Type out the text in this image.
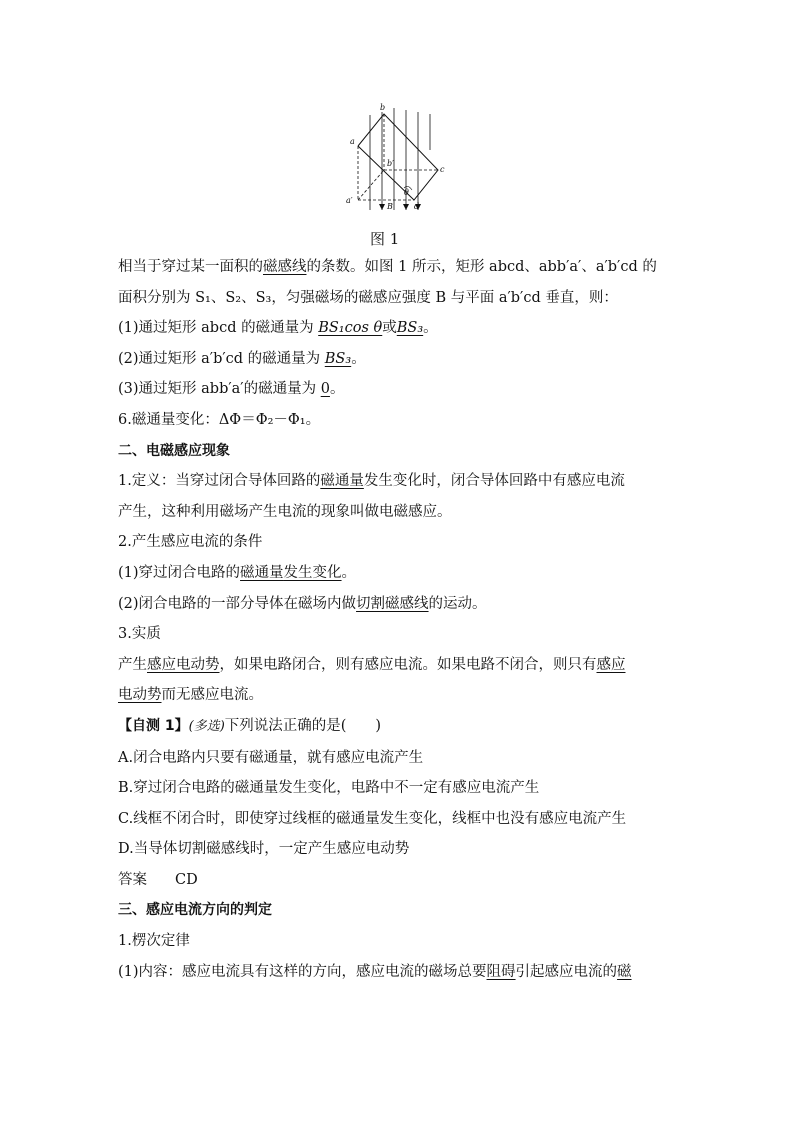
b
a
c
d
b′
a′
B
θ
图 1
相当于穿过某一面积的磁感线的条数。如图 1 所示，矩形 abcd、abb′a′、a′b′cd 的
面积分别为 S₁、S₂、S₃，匀强磁场的磁感应强度 B 与平面 a′b′cd 垂直，则：
(1)通过矩形 abcd 的磁通量为 BS₁cos θ或BS₃。
(2)通过矩形 a′b′cd 的磁通量为 BS₃。
(3)通过矩形 abb′a′的磁通量为 0。
6.磁通量变化：ΔΦ＝Φ₂－Φ₁。
二、电磁感应现象
1.定义：当穿过闭合导体回路的磁通量发生变化时，闭合导体回路中有感应电流
产生，这种利用磁场产生电流的现象叫做电磁感应。
2.产生感应电流的条件
(1)穿过闭合电路的磁通量发生变化。
(2)闭合电路的一部分导体在磁场内做切割磁感线的运动。
3.实质
产生感应电动势，如果电路闭合，则有感应电流。如果电路不闭合，则只有感应
电动势而无感应电流。
【自测 1】(多选)下列说法正确的是(　　)
A.闭合电路内只要有磁通量，就有感应电流产生
B.穿过闭合电路的磁通量发生变化，电路中不一定有感应电流产生
C.线框不闭合时，即使穿过线框的磁通量发生变化，线框中也没有感应电流产生
D.当导体切割磁感线时，一定产生感应电动势
答案 CD
三、感应电流方向的判定
1.楞次定律
(1)内容：感应电流具有这样的方向，感应电流的磁场总要阻碍引起感应电流的磁
